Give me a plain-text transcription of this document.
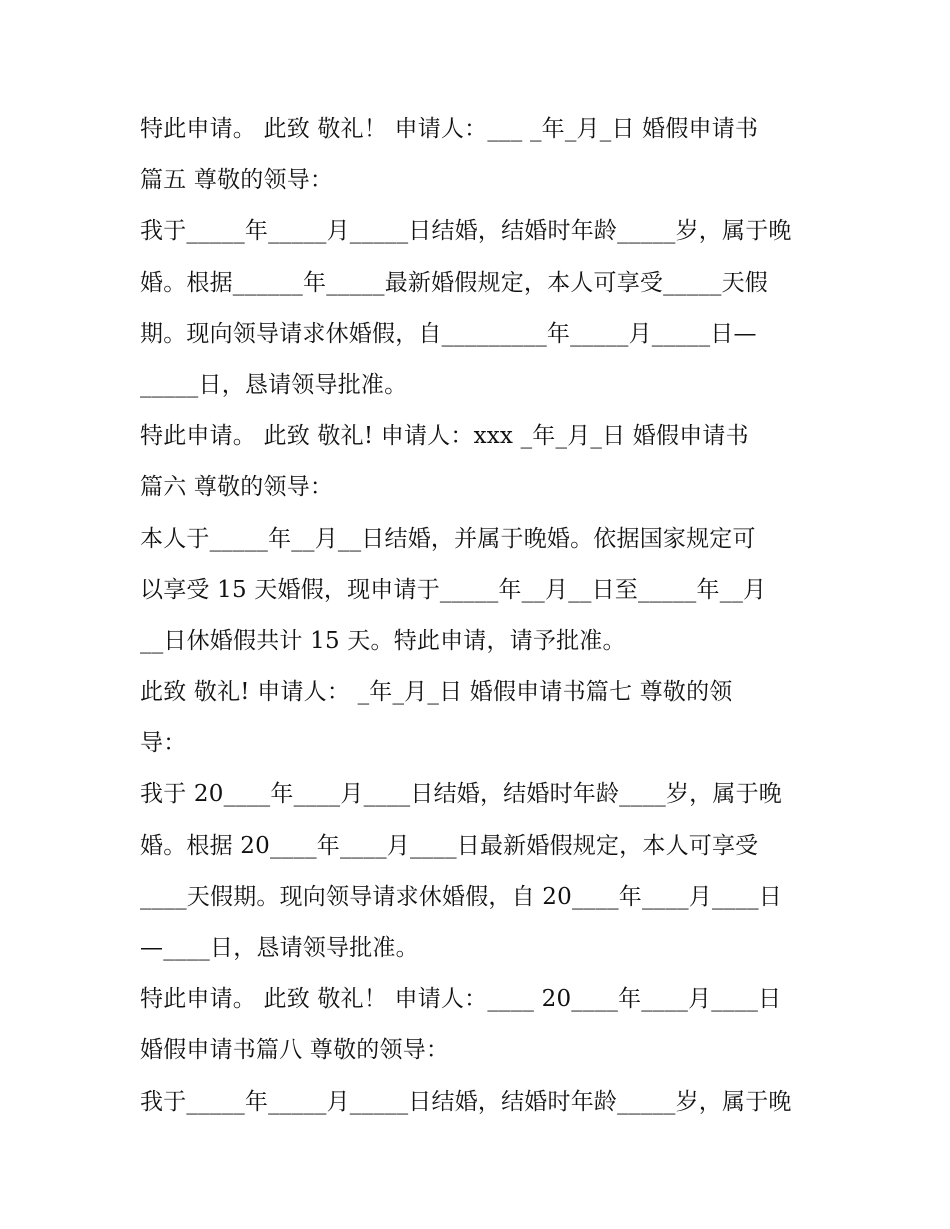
特此申请。 此致 敬礼！ 申请人：___ _年_月_日 婚假申请书
篇五 尊敬的领导：
我于_____年_____月_____日结婚，结婚时年龄_____岁，属于晚
婚。根据______年_____最新婚假规定，本人可享受_____天假
期。现向领导请求休婚假，自_________年_____月_____日—
_____日，恳请领导批准。
特此申请。 此致 敬礼! 申请人：xxx _年_月_日 婚假申请书
篇六 尊敬的领导：
本人于_____年__月__日结婚，并属于晚婚。依据国家规定可
以享受 15 天婚假，现申请于_____年__月__日至_____年__月
__日休婚假共计 15 天。特此申请，请予批准。
此致 敬礼! 申请人： _年_月_日 婚假申请书篇七 尊敬的领
导：
我于 20____年____月____日结婚，结婚时年龄____岁，属于晚
婚。根据 20____年____月____日最新婚假规定，本人可享受
____天假期。现向领导请求休婚假，自 20____年____月____日
—____日，恳请领导批准。
特此申请。 此致 敬礼！ 申请人：____ 20____年____月____日
婚假申请书篇八 尊敬的领导：
我于_____年_____月_____日结婚，结婚时年龄_____岁，属于晚
